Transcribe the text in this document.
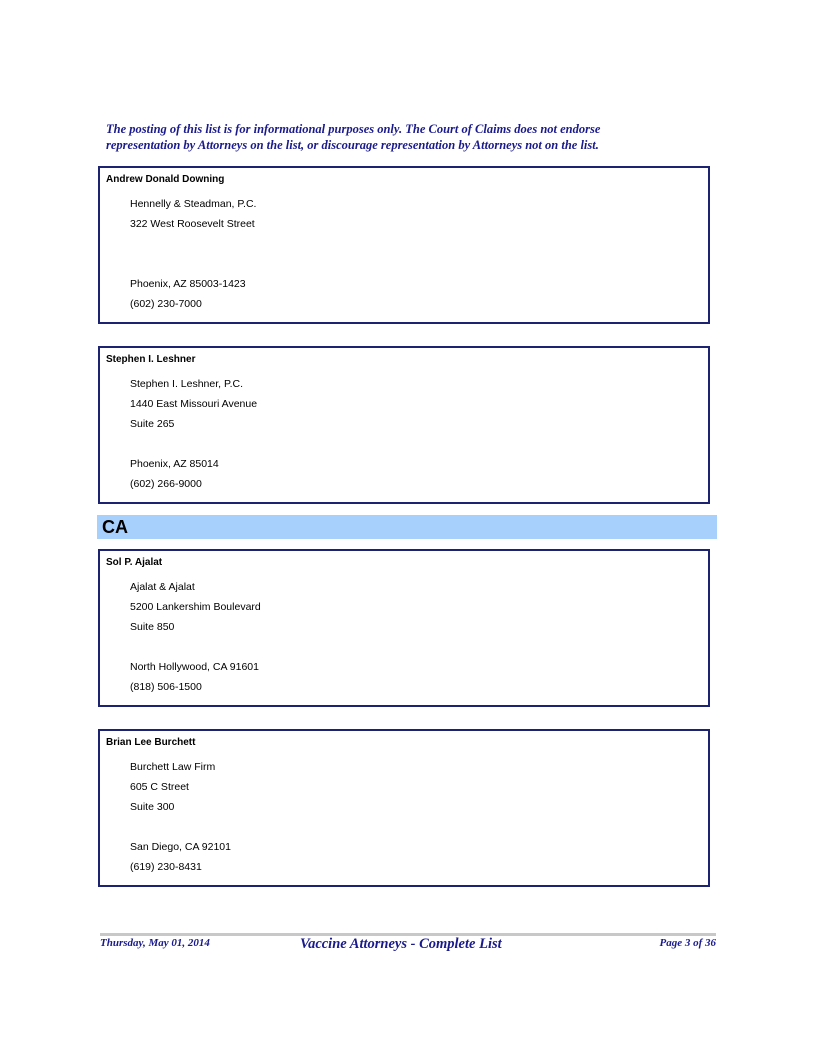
The posting of this list is for informational purposes only. The Court of Claims does not endorse
representation by Attorneys on the list, or discourage representation by Attorneys not on the list.
Andrew Donald Downing
Hennelly & Steadman, P.C.
322 West Roosevelt Street
Phoenix, AZ 85003-1423
(602) 230-7000
Stephen I. Leshner
Stephen I. Leshner, P.C.
1440 East Missouri Avenue
Suite 265
Phoenix, AZ 85014
(602) 266-9000
CA
Sol P. Ajalat
Ajalat & Ajalat
5200 Lankershim Boulevard
Suite 850
North Hollywood, CA 91601
(818) 506-1500
Brian Lee Burchett
Burchett Law Firm
605 C Street
Suite 300
San Diego, CA 92101
(619) 230-8431
Thursday, May 01, 2014	Vaccine Attorneys - Complete List	Page 3 of 36
